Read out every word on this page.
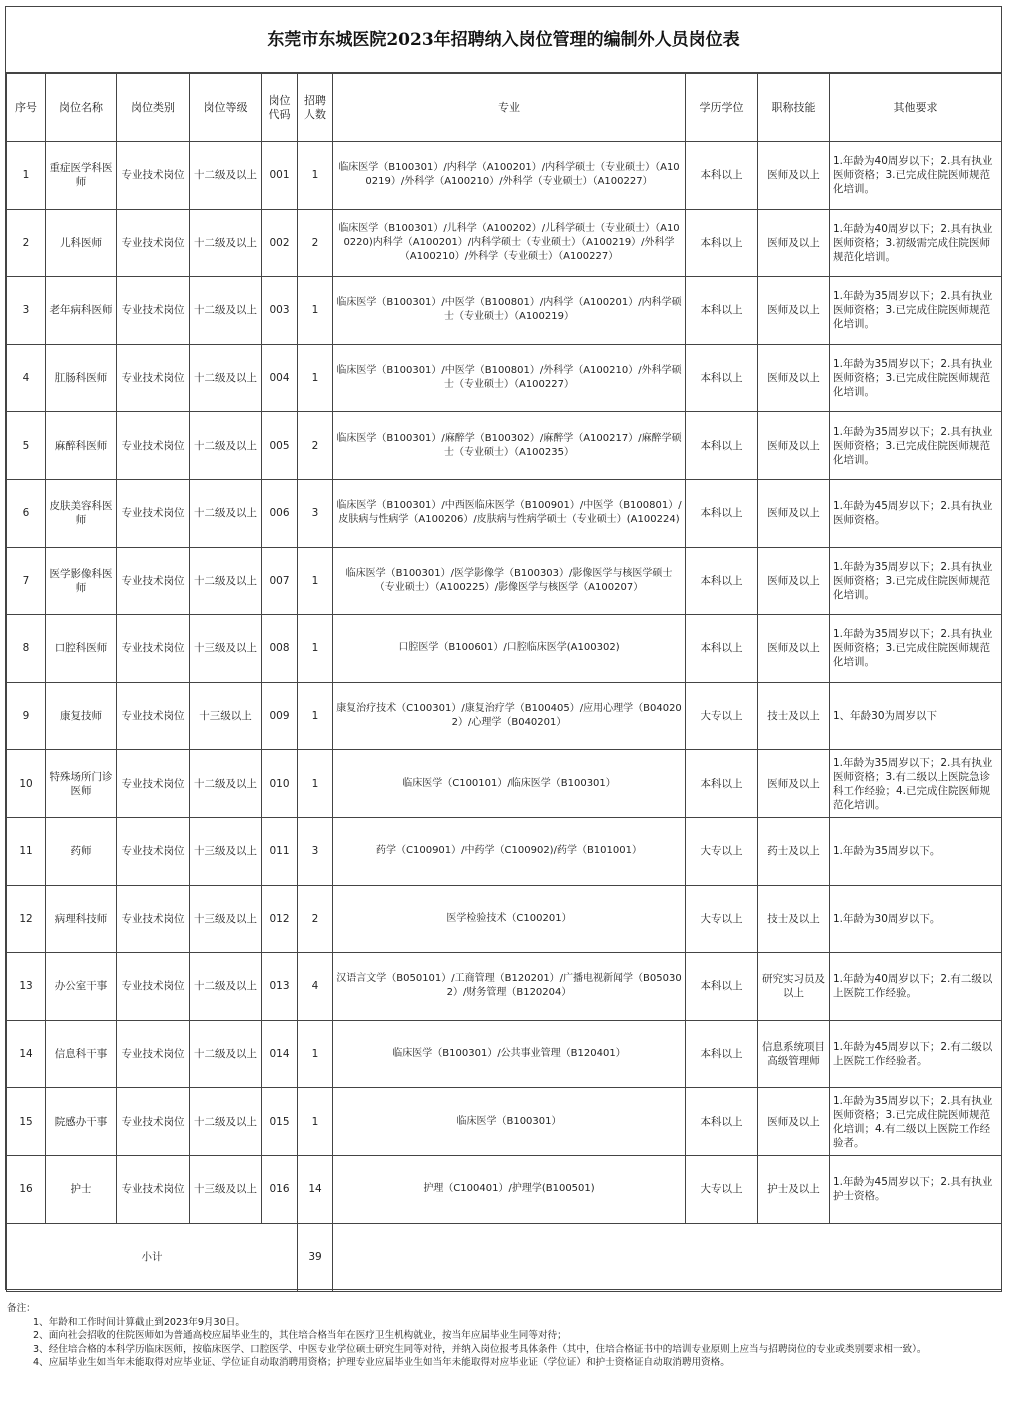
东莞市东城医院2023年招聘纳入岗位管理的编制外人员岗位表
序号	岗位名称	岗位类别	岗位等级	岗位代码	招聘人数	专业	学历学位	职称技能	其他要求
1	重症医学科医师	专业技术岗位	十二级及以上	001	1	临床医学（B100301）/内科学（A100201）/内科学硕士（专业硕士）（A100219）/外科学（A100210）/外科学（专业硕士）（A100227）	本科以上	医师及以上	1.年龄为40周岁以下；2.具有执业医师资格；3.已完成住院医师规范化培训。
2	儿科医师	专业技术岗位	十二级及以上	002	2	临床医学（B100301）/儿科学（A100202）/儿科学硕士（专业硕士）（A100220)内科学（A100201）/内科学硕士（专业硕士）（A100219）/外科学（A100210）/外科学（专业硕士）（A100227）	本科以上	医师及以上	1.年龄为40周岁以下；2.具有执业医师资格；3.初级需完成住院医师规范化培训。
3	老年病科医师	专业技术岗位	十二级及以上	003	1	临床医学（B100301）/中医学（B100801）/内科学（A100201）/内科学硕士（专业硕士）（A100219）	本科以上	医师及以上	1.年龄为35周岁以下；2.具有执业医师资格；3.已完成住院医师规范化培训。
4	肛肠科医师	专业技术岗位	十二级及以上	004	1	临床医学（B100301）/中医学（B100801）/外科学（A100210）/外科学硕士（专业硕士）（A100227）	本科以上	医师及以上	1.年龄为35周岁以下；2.具有执业医师资格；3.已完成住院医师规范化培训。
5	麻醉科医师	专业技术岗位	十二级及以上	005	2	临床医学（B100301）/麻醉学（B100302）/麻醉学（A100217）/麻醉学硕士（专业硕士）（A100235）	本科以上	医师及以上	1.年龄为35周岁以下；2.具有执业医师资格；3.已完成住院医师规范化培训。
6	皮肤美容科医师	专业技术岗位	十二级及以上	006	3	临床医学（B100301）/中西医临床医学（B100901）/中医学（B100801）/皮肤病与性病学（A100206）/皮肤病与性病学硕士（专业硕士）(A100224)	本科以上	医师及以上	1.年龄为45周岁以下；2.具有执业医师资格。
7	医学影像科医师	专业技术岗位	十二级及以上	007	1	临床医学（B100301）/医学影像学（B100303）/影像医学与核医学硕士（专业硕士）（A100225）/影像医学与核医学（A100207）	本科以上	医师及以上	1.年龄为35周岁以下；2.具有执业医师资格；3.已完成住院医师规范化培训。
8	口腔科医师	专业技术岗位	十三级及以上	008	1	口腔医学（B100601）/口腔临床医学(A100302)	本科以上	医师及以上	1.年龄为35周岁以下；2.具有执业医师资格；3.已完成住院医师规范化培训。
9	康复技师	专业技术岗位	十三级以上	009	1	康复治疗技术（C100301）/康复治疗学（B100405）/应用心理学（B040202）/心理学（B040201）	大专以上	技士及以上	1、年龄30为周岁以下
10	特殊场所门诊医师	专业技术岗位	十二级及以上	010	1	临床医学（C100101）/临床医学（B100301）	本科以上	医师及以上	1.年龄为35周岁以下；2.具有执业医师资格；3.有二级以上医院急诊科工作经验；4.已完成住院医师规范化培训。
11	药师	专业技术岗位	十三级及以上	011	3	药学（C100901）/中药学（C100902)/药学（B101001）	大专以上	药士及以上	1.年龄为35周岁以下。
12	病理科技师	专业技术岗位	十三级及以上	012	2	医学检验技术（C100201）	大专以上	技士及以上	1.年龄为30周岁以下。
13	办公室干事	专业技术岗位	十二级及以上	013	4	汉语言文学（B050101）/工商管理（B120201）/广播电视新闻学（B050302）/财务管理（B120204）	本科以上	研究实习员及以上	1.年龄为40周岁以下；2.有二级以上医院工作经验。
14	信息科干事	专业技术岗位	十二级及以上	014	1	临床医学（B100301）/公共事业管理（B120401）	本科以上	信息系统项目高级管理师	1.年龄为45周岁以下；2.有二级以上医院工作经验者。
15	院感办干事	专业技术岗位	十二级及以上	015	1	临床医学（B100301）	本科以上	医师及以上	1.年龄为35周岁以下；2.具有执业医师资格；3.已完成住院医师规范化培训；4.有二级以上医院工作经验者。
16	护士	专业技术岗位	十三级及以上	016	14	护理（C100401）/护理学(B100501)	大专以上	护士及以上	1.年龄为45周岁以下；2.具有执业护士资格。
小计					39				
备注：
1、年龄和工作时间计算截止到2023年9月30日。
2、面向社会招收的住院医师如为普通高校应届毕业生的，其住培合格当年在医疗卫生机构就业，按当年应届毕业生同等对待；
3、经住培合格的本科学历临床医师，按临床医学、口腔医学、中医专业学位硕士研究生同等对待，并纳入岗位报考具体条件（其中，住培合格证书中的培训专业原则上应当与招聘岗位的专业或类别要求相一致）。
4、应届毕业生如当年未能取得对应毕业证、学位证自动取消聘用资格；护理专业应届毕业生如当年未能取得对应毕业证（学位证）和护士资格证自动取消聘用资格。
